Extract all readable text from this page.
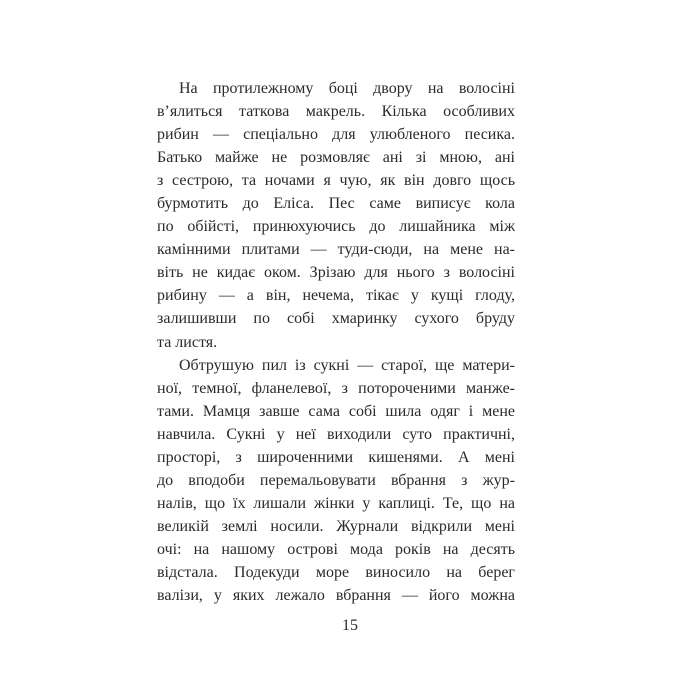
На протилежному боці двору на волосіні
в’ялиться таткова макрель. Кілька особливих
рибин — спеціально для улюбленого песика.
Батько майже не розмовляє ані зі мною, ані
з сестрою, та ночами я чую, як він довго щось
бурмотить до Еліса. Пес саме виписує кола
по обійсті, принюхуючись до лишайника між
камінними плитами — туди-сюди, на мене на-
віть не кидає оком. Зрізаю для нього з волосіні
рибину — а він, нечема, тікає у кущі глоду,
залишивши по собі хмаринку сухого бруду
та листя.
Обтрушую пил із сукні — старої, ще матери-
ної, темної, фланелевої, з потороченими манже-
тами. Мамця завше сама собі шила одяг і мене
навчила. Сукні у неї виходили суто практичні,
просторі, з широченними кишенями. А мені
до вподоби перемальовувати вбрання з жур-
налів, що їх лишали жінки у каплиці. Те, що на
великій землі носили. Журнали відкрили мені
очі: на нашому острові мода років на десять
відстала. Подекуди море виносило на берег
валізи, у яких лежало вбрання — його можна
15
